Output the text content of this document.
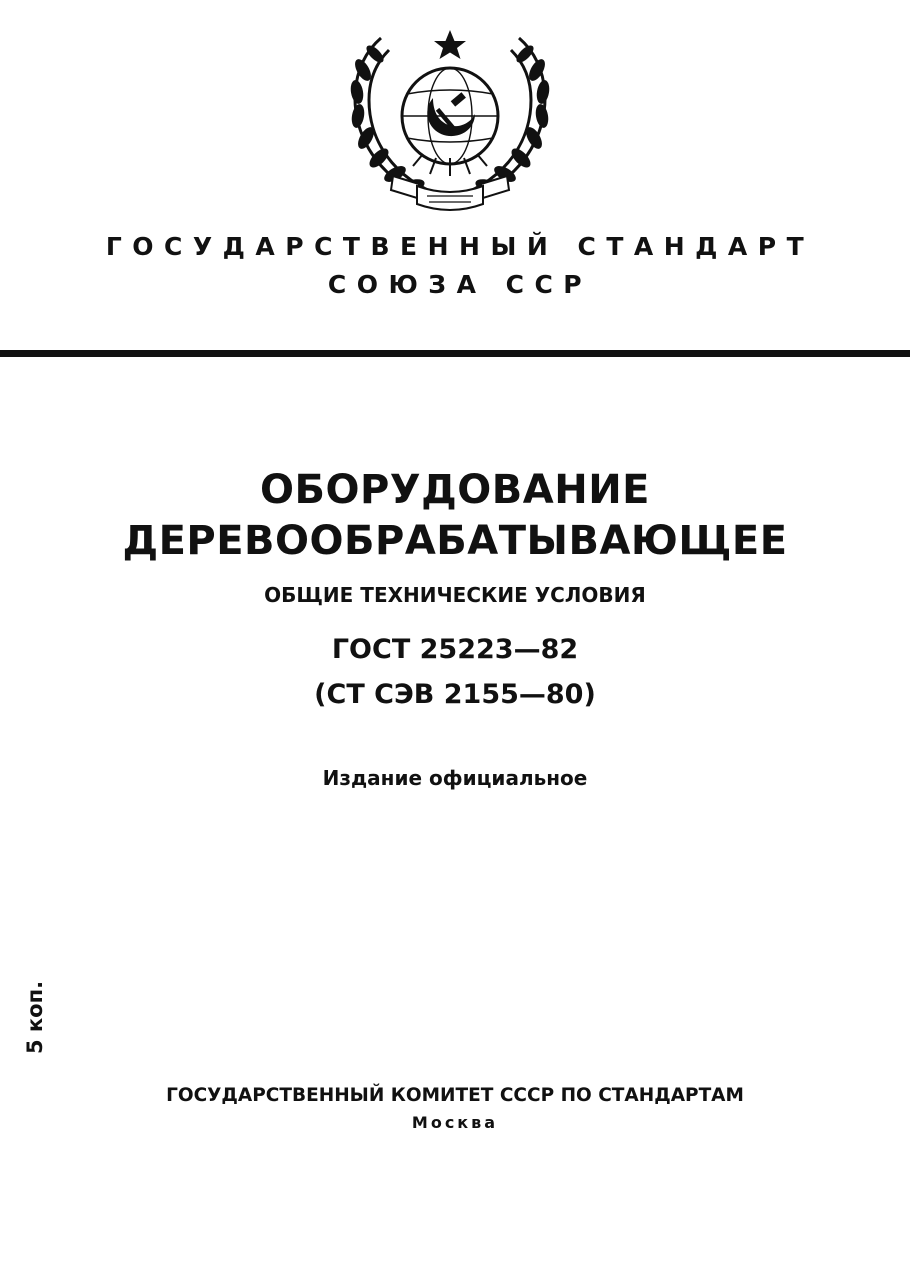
ГОСУДАРСТВЕННЫЙ СТАНДАРТ
СОЮЗА ССР
ОБОРУДОВАНИЕ
ДЕРЕВООБРАБАТЫВАЮЩЕЕ
ОБЩИЕ ТЕХНИЧЕСКИЕ УСЛОВИЯ
ГОСТ 25223—82
(СТ СЭВ 2155—80)
Издание официальное
5 коп.
ГОСУДАРСТВЕННЫЙ КОМИТЕТ СССР ПО СТАНДАРТАМ
Москва
